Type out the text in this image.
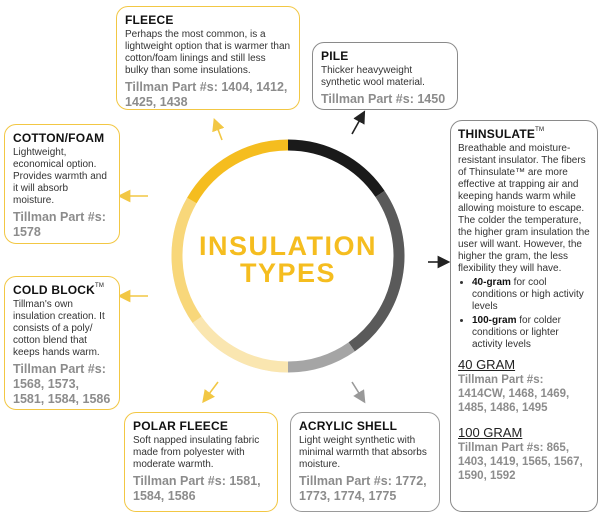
INSULATION
TYPES
FLEECE

Perhaps the most common, is a lightweight option that is warmer than cotton/foam linings and still less bulky than some insulations.

Tillman Part #s: 1404, 1412, 1425, 1438
PILE

Thicker heavyweight synthetic wool material.

Tillman Part #s: 1450
COTTON/FOAM

Lightweight, economical option. Provides warmth and it will absorb moisture.

Tillman Part #s: 1578
COLD BLOCK™

Tillman's own insulation creation. It consists of a poly/ cotton blend that keeps hands warm.

Tillman Part #s: 1568, 1573, 1581, 1584, 1586
POLAR FLEECE

Soft napped insulating fabric made from polyester with moderate warmth.

Tillman Part #s: 1581, 1584, 1586
ACRYLIC SHELL

Light weight synthetic with minimal warmth that absorbs moisture.

Tillman Part #s: 1772, 1773, 1774, 1775
THINSULATE™

Breathable and moisture-resistant insulator. The fibers of Thinsulate™ are more effective at trapping air and keeping hands warm while allowing moisture to escape. The colder the temperature, the higher gram insulation the user will want. However, the higher the gram, the less flexibility they will have.

• 40-gram for cool conditions or high activity levels
• 100-gram for colder conditions or lighter activity levels
40 GRAM
Tillman Part #s:
1414CW, 1468, 1469, 1485, 1486, 1495
100 GRAM
Tillman Part #s: 865, 1403, 1419, 1565, 1567, 1590, 1592
